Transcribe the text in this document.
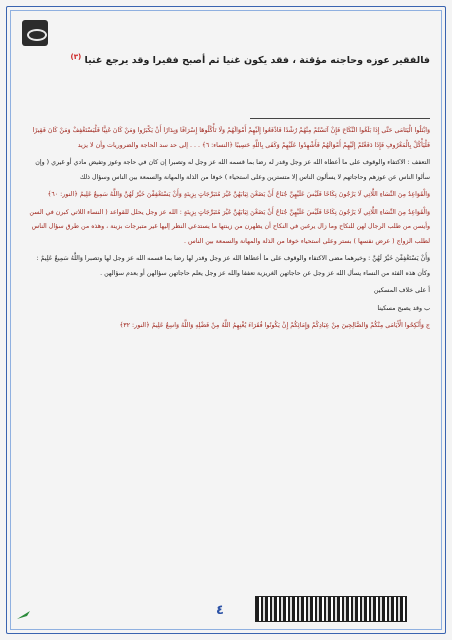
فالفقير عوزه وحاجته مؤقتة ، فقد يكون غنيا ثم أصبح فقيرا وقد يرجع غنيا $^{(٣)}$

وَابْتَلُوا الْيَتَامَى حَتَّى إِذَا بَلَغُوا النِّكَاحَ فَإِنْ آنَسْتُمْ مِنْهُمْ رُشْدًا فَادْفَعُوا إِلَيْهِمْ أَمْوَالَهُمْ وَلَا تَأْكُلُوهَا إِسْرَافًا وَبِدَارًا أَنْ يَكْبَرُوا وَمَنْ كَانَ غَنِيًّا فَلْيَسْتَعْفِفْ وَمَنْ كَانَ فَقِيرًا فَلْيَأْكُلْ بِالْمَعْرُوفِ فَإِذَا دَفَعْتُمْ إِلَيْهِمْ أَمْوَالَهُمْ فَأَشْهِدُوا عَلَيْهِمْ وَكَفَى بِاللَّهِ حَسِيبًا ﴿النساء: ٦﴾ . . . إلى حد سد الحاجة والضروريات وأن لا يزيد

التعفف : الاكتفاء والوقوف على ما أعطاه الله عز وجل وقدر له رضا بما قسمه الله عز وجل له وتصبرا إن كان في حاجة وعوز وتفيض مادي أو غيري ( وإن سألوا الناس عن عوزهم وحاجاتهم لا يسألون الناس إلا متسترين وعلى استحياء ) خوفا من الذلة والمهانة والسمعة بين الناس وسؤال ذلك

وَالْقَوَاعِدُ مِنَ النِّسَاءِ اللَّاتِي لَا يَرْجُونَ نِكَاحًا فَلَيْسَ عَلَيْهِنَّ جُنَاحٌ أَنْ يَضَعْنَ ثِيَابَهُنَّ غَيْرَ مُتَبَرِّجَاتٍ بِزِينَةٍ وَأَنْ يَسْتَعْفِفْنَ خَيْرٌ لَهُنَّ وَاللَّهُ سَمِيعٌ عَلِيمٌ ﴿النور: ٦٠﴾

وَالْقَوَاعِدُ مِنَ النِّسَاءِ اللَّاتِي لَا يَرْجُونَ نِكَاحًا فَلَيْسَ عَلَيْهِنَّ جُنَاحٌ أَنْ يَضَعْنَ ثِيَابَهُنَّ غَيْرَ مُتَبَرِّجَاتٍ بِزِينَةٍ : الله عز وجل يحلل للقواعد ( النساء اللاتي كبرن في السن وأيسن من طلب الرجال لهن للنكاح وما زال يرغبن في النكاح أن يظهرن من زينتها ما يستدعي النظر إليها غير متبرجات بزينة ، وهذه من طرق سؤال الناس لطلب الزواج ( عرض نفسها ) بستر وعلى استحياء خوفا من الذلة والمهانة والسمعة بين الناس .

وَأَنْ يَسْتَعْفِفْنَ خَيْرٌ لَهُنَّ : وخيرهما مضى الاكتفاء والوقوف على ما أعطاها الله عز وجل وقدر لها رضا بما قسمه الله عز وجل لها وتصبرا وَاللَّهُ سَمِيعٌ عَلِيمٌ : وكأن هذه الفئة من النساء يسأل الله عز وجل عن حاجاتهن الغريزية تعففا والله عز وجل يعلم حاجاتهن سؤالهن أو بعدم سؤالهن .

أ على خلاف المسكين

ب وقد يصبح مسكينا

ج وَأَنْكِحُوا الْأَيَامَى مِنْكُمْ وَالصَّالِحِينَ مِنْ عِبَادِكُمْ وَإِمَائِكُمْ إِنْ يَكُونُوا فُقَرَاءَ يُغْنِهِمُ اللَّهُ مِنْ فَضْلِهِ وَاللَّهُ وَاسِعٌ عَلِيمٌ ﴿النور: ٣٢﴾

٤
